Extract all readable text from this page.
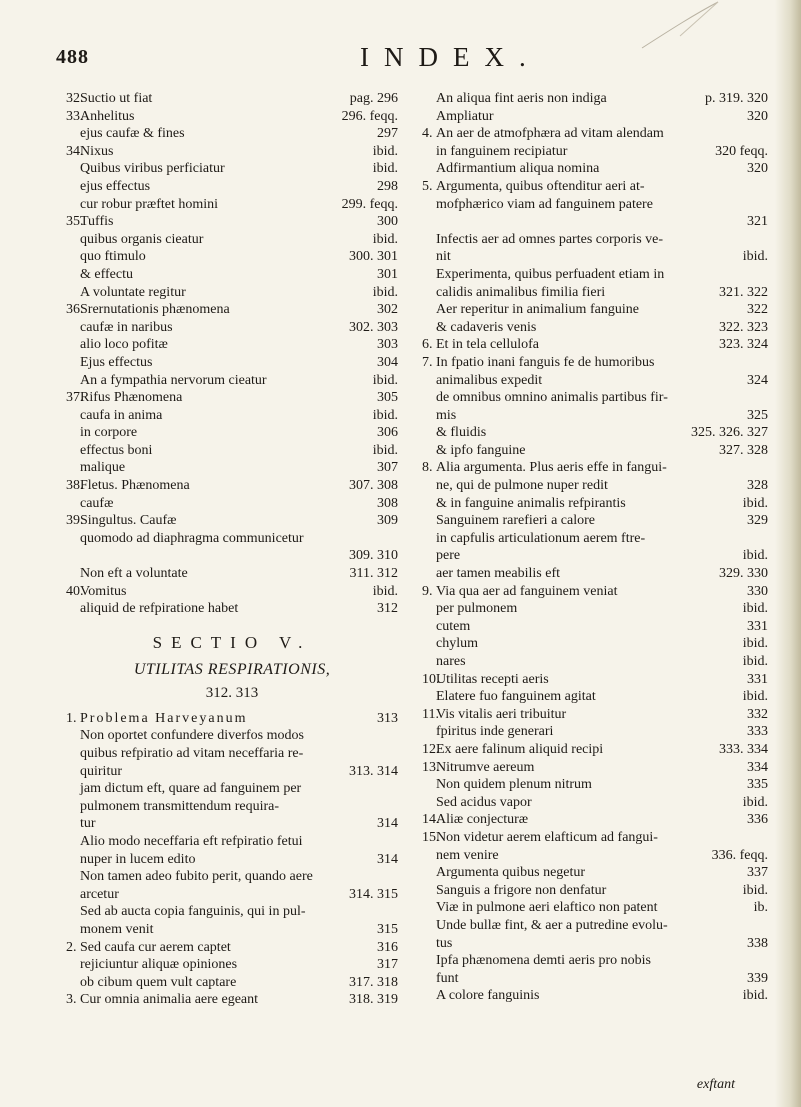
488	INDEX.
32.Suctio ut fiat	pag. 296
33.Anhelitus	296. feqq.
ejus caufæ & fines	297
34.Nixus	ibid.
Quibus viribus perficiatur	ibid.
ejus effectus	298
cur robur præftet homini	299. feqq.
35.Tuffis	300
quibus organis cieatur	ibid.
quo ftimulo	300. 301
& effectu	301
A voluntate regitur	ibid.
36.Srernutationis phænomena	302
caufæ in naribus	302. 303
alio loco pofitæ	303
Ejus effectus	304
An a fympathia nervorum cieatur	ibid.
37.Rifus Phænomena	305
caufa in anima	ibid.
in corpore	306
effectus boni	ibid.
malique	307
38.Fletus. Phænomena	307. 308
caufæ	308
39.Singultus. Caufæ	309
quomodo ad diaphragma communicetur
309. 310
Non eft a voluntate	311. 312
40.Vomitus	ibid.
aliquid de refpiratione habet	312
SECTIO V.
UTILITAS RESPIRATIONIS,
312. 313
1. Problema Harveyanum	313
Non oportet confundere diverfos modos
quibus refpiratio ad vitam neceffaria re-
quiritur	313. 314
jam dictum eft, quare ad fanguinem per
pulmonem transmittendum requira-
tur	314
Alio modo neceffaria eft refpiratio fetui
nuper in lucem edito	314
Non tamen adeo fubito perit, quando aere
arcetur	314. 315
Sed ab aucta copia fanguinis, qui in pul-
monem venit	315
2. Sed caufa cur aerem captet	316
rejiciuntur aliquæ opiniones	317
ob cibum quem vult captare	317. 318
3. Cur omnia animalia aere egeant	318. 319
An aliqua fint aeris non indiga	p. 319. 320
Ampliatur	320
4. An aer de atmofphæra ad vitam alendam
in fanguinem recipiatur	320 feqq.
Adfirmantium aliqua nomina	320
5. Argumenta, quibus oftenditur aeri at-
mofphærico viam ad fanguinem patere
321
Infectis aer ad omnes partes corporis ve-
nit	ibid.
Experimenta, quibus perfuadent etiam in
calidis animalibus fimilia fieri	321. 322
Aer reperitur in animalium fanguine	322
& cadaveris venis	322. 323
6. Et in tela cellulofa	323. 324
7. In fpatio inani fanguis fe de humoribus
animalibus expedit	324
de omnibus omnino animalis partibus fir-
mis	325
& fluidis	325. 326. 327
& ipfo fanguine	327. 328
8. Alia argumenta. Plus aeris effe in fangui-
ne, qui de pulmone nuper redit	328
& in fanguine animalis refpirantis	ibid.
Sanguinem rarefieri a calore	329
in capfulis articulationum aerem ftre-
pere	ibid.
aer tamen meabilis eft	329. 330
9. Via qua aer ad fanguinem veniat	330
per pulmonem	ibid.
cutem	331
chylum	ibid.
nares	ibid.
10.Utilitas recepti aeris	331
Elatere fuo fanguinem agitat	ibid.
11.Vis vitalis aeri tribuitur	332
fpiritus inde generari	333
12.Ex aere falinum aliquid recipi	333. 334
13.Nitrumve aereum	334
Non quidem plenum nitrum	335
Sed acidus vapor	ibid.
14.Aliæ conjecturæ	336
15.Non videtur aerem elafticum ad fangui-
nem venire	336. feqq.
Argumenta quibus negetur	337
Sanguis a frigore non denfatur	ibid.
Viæ in pulmone aeri elaftico non patent	ib.
Unde bullæ fint, & aer a putredine evolu-
tus	338
Ipfa phænomena demti aeris pro nobis
funt	339
A colore fanguinis	ibid.
exftant
